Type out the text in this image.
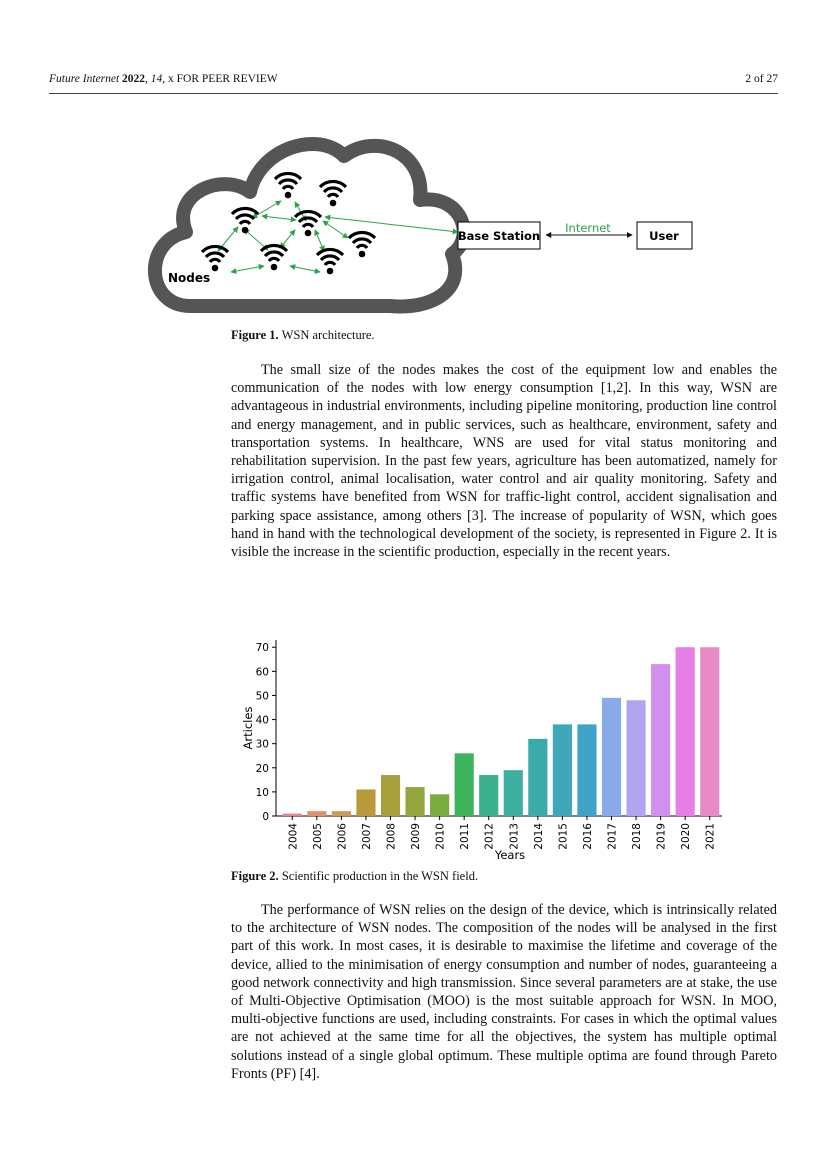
Future Internet 2022, 14, x FOR PEER REVIEW	2 of 27
Nodes
Base Station
Internet
User
Figure 1. WSN architecture.

The small size of the nodes makes the cost of the equipment low and enables the communication of the nodes with low energy consumption [1,2]. In this way, WSN are advantageous in industrial environments, including pipeline monitoring, production line control and energy management, and in public services, such as healthcare, environment, safety and transportation systems. In healthcare, WNS are used for vital status monitoring and rehabilitation supervision. In the past few years, agriculture has been automatized, namely for irrigation control, animal localisation, water control and air quality monitoring. Safety and traffic systems have benefited from WSN for traffic-light control, accident signalisation and parking space assistance, among others [3]. The increase of popularity of WSN, which goes hand in hand with the technological development of the society, is represented in Figure 2. It is visible the increase in the scientific production, especially in the recent years.

0
10
20
30
40
50
60
70
2004 2005 2006 2007 2008 2009 2010 2011 2012 2013 2014 2015 2016 2017 2018 2019 2020 2021
Years
Articles
Figure 2. Scientific production in the WSN field.

The performance of WSN relies on the design of the device, which is intrinsically related to the architecture of WSN nodes. The composition of the nodes will be analysed in the first part of this work. In most cases, it is desirable to maximise the lifetime and coverage of the device, allied to the minimisation of energy consumption and number of nodes, guaranteeing a good network connectivity and high transmission. Since several parameters are at stake, the use of Multi-Objective Optimisation (MOO) is the most suitable approach for WSN. In MOO, multi-objective functions are used, including constraints. For cases in which the optimal values are not achieved at the same time for all the objectives, the system has multiple optimal solutions instead of a single global optimum. These multiple optima are found through Pareto Fronts (PF) [4].
